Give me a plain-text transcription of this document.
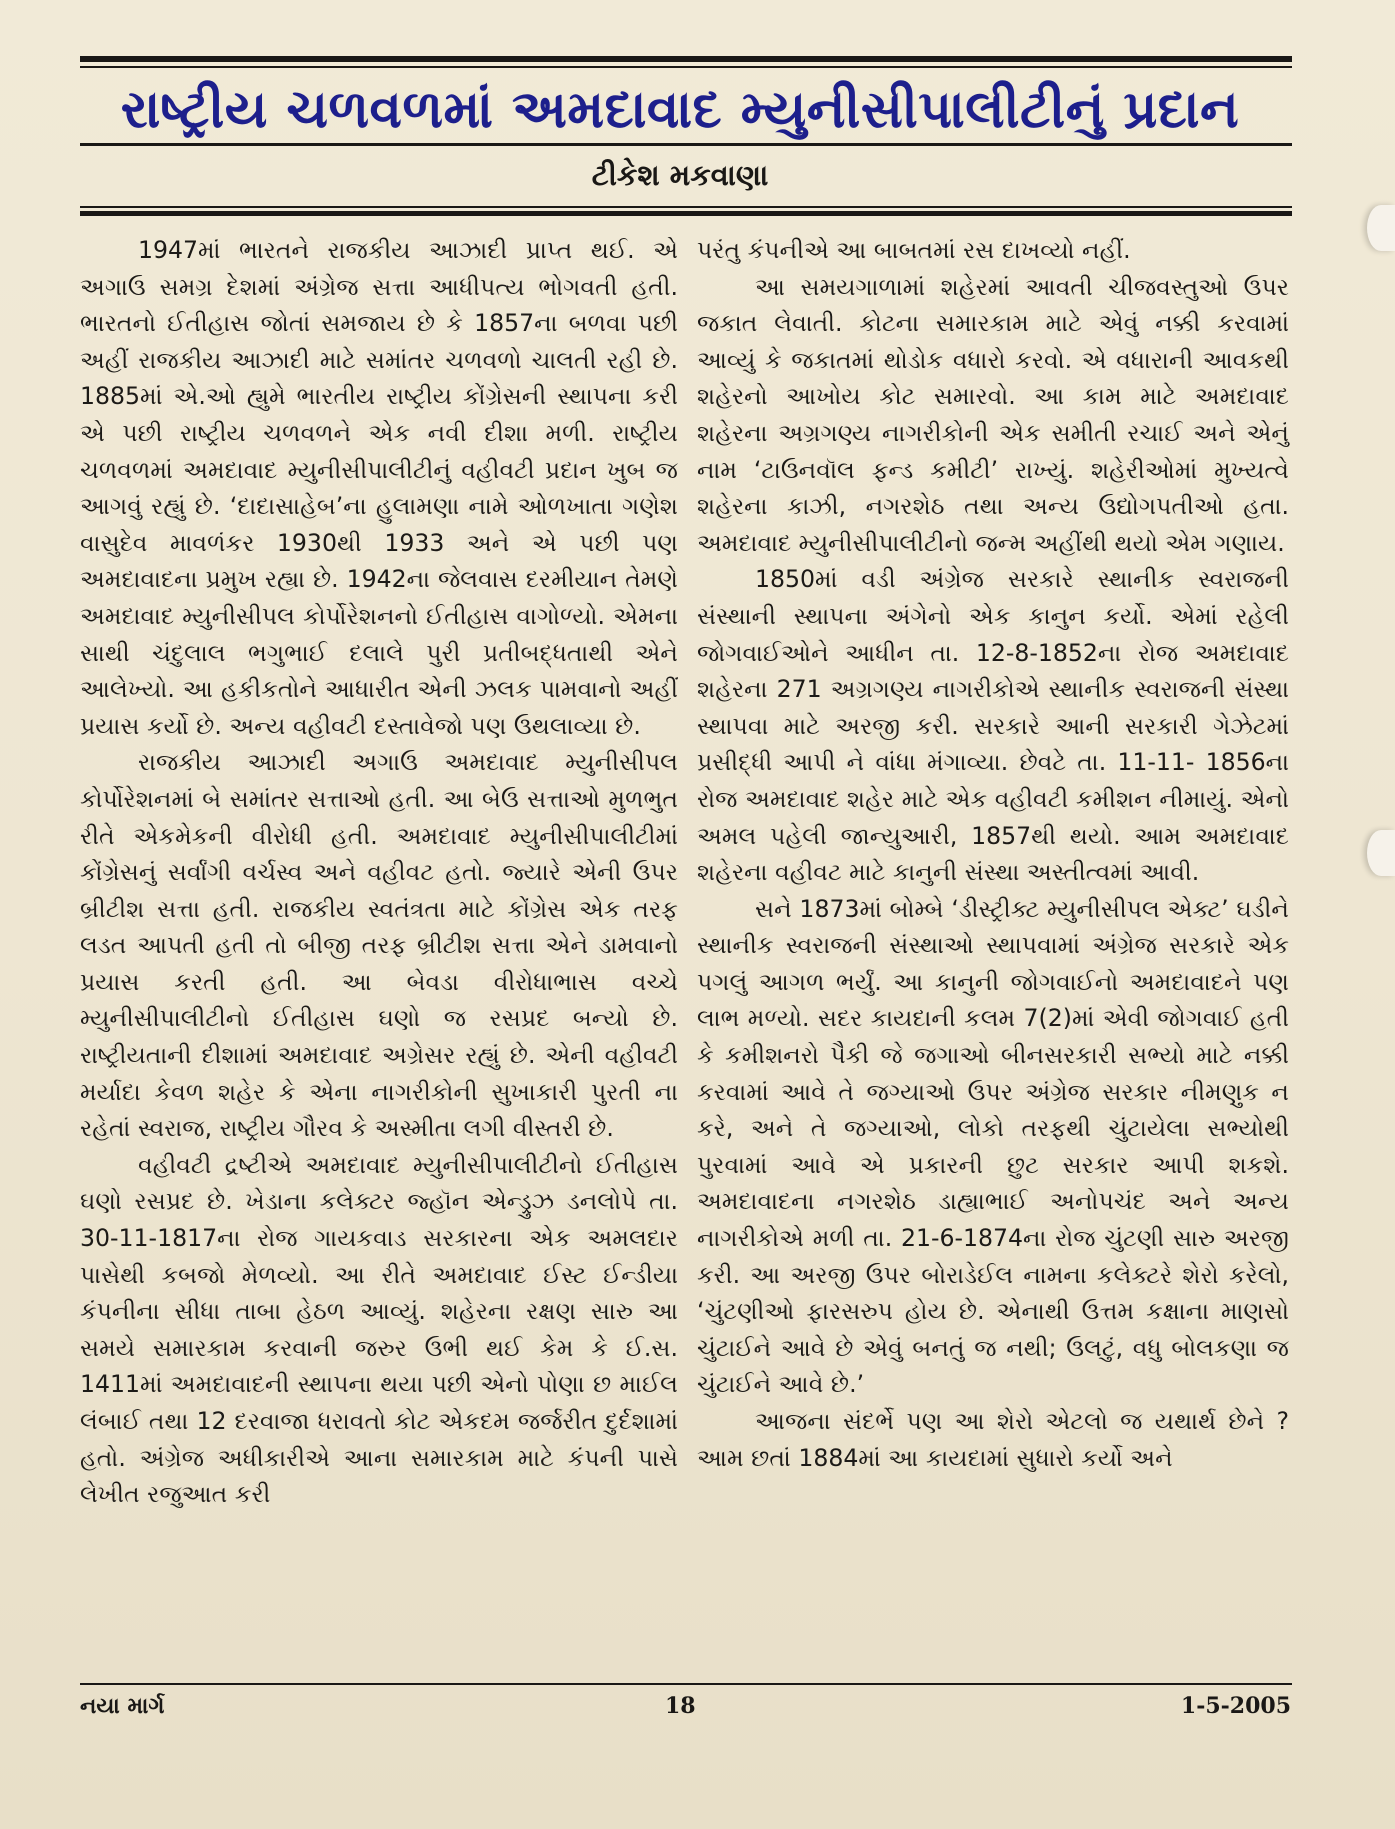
રાષ્ટ્રીય ચળવળમાં અમદાવાદ મ્યુનીસીપાલીટીનું પ્રદાન
ટીકેશ મકવાણા

1947માં ભારતને રાજકીય આઝાદી પ્રાપ્ત થઈ. એ અગાઉ સમગ્ર દેશમાં અંગ્રેજ સત્તા આધીપત્ય ભોગવતી હતી. ભારતનો ઈતીહાસ જોતાં સમજાય છે કે 1857ના બળવા પછી અહીં રાજકીય આઝાદી માટે સમાંતર ચળવળો ચાલતી રહી છે. 1885માં એ.ઓ હ્યુમે ભારતીય રાષ્ટ્રીય કોંગ્રેસની સ્થાપના કરી એ પછી રાષ્ટ્રીય ચળવળને એક નવી દીશા મળી. રાષ્ટ્રીય ચળવળમાં અમદાવાદ મ્યુનીસીપાલીટીનું વહીવટી પ્રદાન ખુબ જ આગવું રહ્યું છે. ‘દાદાસાહેબ’ના હુલામણા નામે ઓળખાતા ગણેશ વાસુદેવ માવળંકર 1930થી 1933 અને એ પછી પણ અમદાવાદના પ્રમુખ રહ્યા છે. 1942ના જેલવાસ દરમીયાન તેમણે અમદાવાદ મ્યુનીસીપલ કોર્પોરેશનનો ઈતીહાસ વાગોળ્યો. એમના સાથી ચંદુલાલ ભગુભાઈ દલાલે પુરી પ્રતીબદ્ધતાથી એને આલેખ્યો. આ હકીકતોને આધારીત એની ઝલક પામવાનો અહીં પ્રયાસ કર્યો છે. અન્ય વહીવટી દસ્તાવેજો પણ ઉથલાવ્યા છે.

રાજકીય આઝાદી અગાઉ અમદાવાદ મ્યુનીસીપલ કોર્પોરેશનમાં બે સમાંતર સત્તાઓ હતી. આ બેઉ સત્તાઓ મુળભુત રીતે એકમેકની વીરોધી હતી. અમદાવાદ મ્યુનીસીપાલીટીમાં કોંગ્રેસનું સર્વાંગી વર્ચસ્વ અને વહીવટ હતો. જ્યારે એની ઉપર બ્રીટીશ સત્તા હતી. રાજકીય સ્વતંત્રતા માટે કોંગ્રેસ એક તરફ લડત આપતી હતી તો બીજી તરફ બ્રીટીશ સત્તા એને ડામવાનો પ્રયાસ કરતી હતી. આ બેવડા વીરોધાભાસ વચ્ચે મ્યુનીસીપાલીટીનો ઈતીહાસ ઘણો જ રસપ્રદ બન્યો છે. રાષ્ટ્રીયતાની દીશામાં અમદાવાદ અગ્રેસર રહ્યું છે. એની વહીવટી મર્યાદા કેવળ શહેર કે એના નાગરીકોની સુખાકારી પુરતી ના રહેતાં સ્વરાજ, રાષ્ટ્રીય ગૌરવ કે અસ્મીતા લગી વીસ્તરી છે.

વહીવટી દ્રષ્ટીએ અમદાવાદ મ્યુનીસીપાલીટીનો ઈતીહાસ ઘણો રસપ્રદ છે. ખેડાના કલેક્ટર જ્હૉન એન્ડ્રુઝ ડનલોપે તા. 30-11-1817ના રોજ ગાયકવાડ સરકારના એક અમલદાર પાસેથી કબજો મેળવ્યો. આ રીતે અમદાવાદ ઈસ્ટ ઈન્ડીયા કંપનીના સીધા તાબા હેઠળ આવ્યું. શહેરના રક્ષણ સારુ આ સમયે સમારકામ કરવાની જરુર ઉભી થઈ કેમ કે ઈ.સ. 1411માં અમદાવાદની સ્થાપના થયા પછી એનો પોણા છ માઈલ લંબાઈ તથા 12 દરવાજા ધરાવતો કોટ એકદમ જર્જરીત દુર્દશામાં હતો. અંગ્રેજ અધીકારીએ આના સમારકામ માટે કંપની પાસે લેખીત રજુઆત કરી

પરંતુ કંપનીએ આ બાબતમાં રસ દાખવ્યો નહીં.

આ સમયગાળામાં શહેરમાં આવતી ચીજવસ્તુઓ ઉપર જકાત લેવાતી. કોટના સમારકામ માટે એવું નક્કી કરવામાં આવ્યું કે જકાતમાં થોડોક વધારો કરવો. એ વધારાની આવકથી શહેરનો આખોય કોટ સમારવો. આ કામ માટે અમદાવાદ શહેરના અગ્રગણ્ય નાગરીકોની એક સમીતી રચાઈ અને એનું નામ ‘ટાઉનવૉલ ફન્ડ કમીટી’ રાખ્યું. શહેરીઓમાં મુખ્યત્વે શહેરના કાઝી, નગરશેઠ તથા અન્ય ઉદ્યોગપતીઓ હતા. અમદાવાદ મ્યુનીસીપાલીટીનો જન્મ અહીંથી થયો એમ ગણાય.

1850માં વડી અંગ્રેજ સરકારે સ્થાનીક સ્વરાજની સંસ્થાની સ્થાપના અંગેનો એક કાનુન કર્યો. એમાં રહેલી જોગવાઈઓને આધીન તા. 12-8-1852ના રોજ અમદાવાદ શહેરના 271 અગ્રગણ્ય નાગરીકોએ સ્થાનીક સ્વરાજની સંસ્થા સ્થાપવા માટે અરજી કરી. સરકારે આની સરકારી ગેઝેટમાં પ્રસીદ્ધી આપી ને વાંધા મંગાવ્યા. છેવટે તા. 11-11- 1856ના રોજ અમદાવાદ શહેર માટે એક વહીવટી કમીશન નીમાયું. એનો અમલ પહેલી જાન્યુઆરી, 1857થી થયો. આમ અમદાવાદ શહેરના વહીવટ માટે કાનુની સંસ્થા અસ્તીત્વમાં આવી.

સને 1873માં બોમ્બે ‘ડીસ્ટ્રીક્ટ મ્યુનીસીપલ એક્ટ’ ઘડીને સ્થાનીક સ્વરાજની સંસ્થાઓ સ્થાપવામાં અંગ્રેજ સરકારે એક પગલું આગળ ભર્યું. આ કાનુની જોગવાઈનો અમદાવાદને પણ લાભ મળ્યો. સદર કાયદાની કલમ 7(2)માં એવી જોગવાઈ હતી કે કમીશનરો પૈકી જે જગાઓ બીનસરકારી સભ્યો માટે નક્કી કરવામાં આવે તે જગ્યાઓ ઉપર અંગ્રેજ સરકાર નીમણુક ન કરે, અને તે જગ્યાઓ, લોકો તરફથી ચુંટાયેલા સભ્યોથી પુરવામાં આવે એ પ્રકારની છુટ સરકાર આપી શકશે. અમદાવાદના નગરશેઠ ડાહ્યાભાઈ અનોપચંદ અને અન્ય નાગરીકોએ મળી તા. 21-6-1874ના રોજ ચુંટણી સારુ અરજી કરી. આ અરજી ઉપર બોરાડેઈલ નામના કલેક્ટરે શેરો કરેલો, ‘ચુંટણીઓ ફારસરુપ હોય છે. એનાથી ઉત્તમ કક્ષાના માણસો ચુંટાઈને આવે છે એવું બનતું જ નથી; ઉલટું, વધુ બોલકણા જ ચુંટાઈને આવે છે.’

આજના સંદર્ભે પણ આ શેરો એટલો જ યથાર્થ છેને ? આમ છતાં 1884માં આ કાયદામાં સુધારો કર્યો અને

નયા માર્ગ	18	1-5-2005
